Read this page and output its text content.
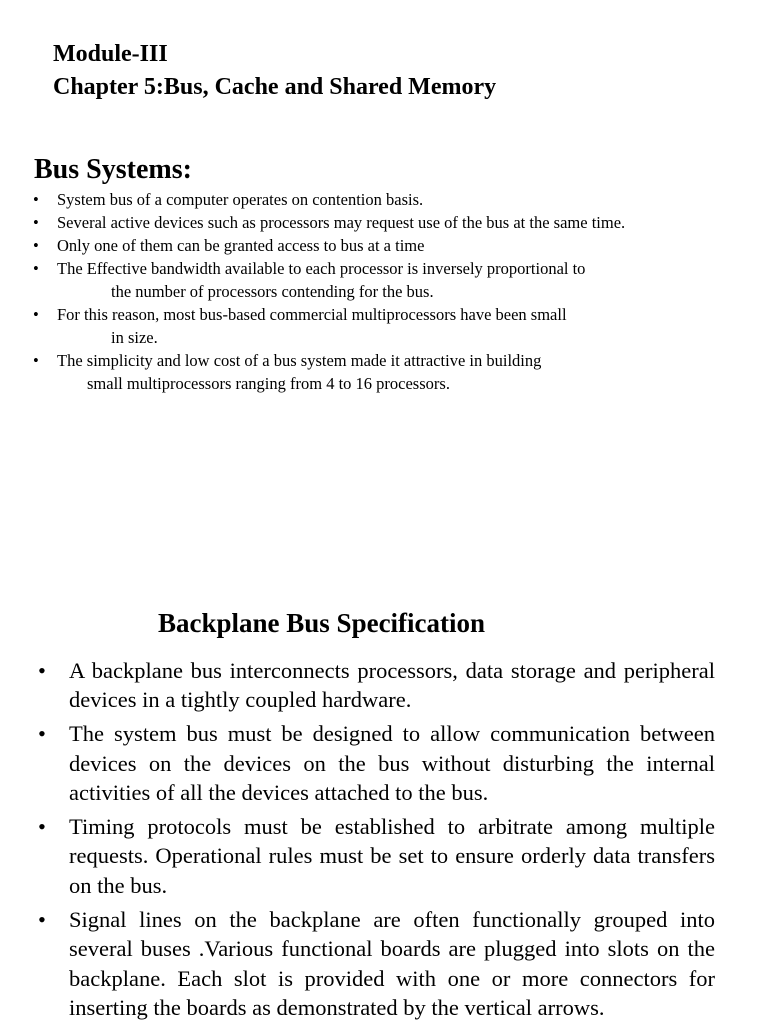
Module-III
Chapter 5:Bus, Cache and Shared Memory
Bus Systems:
• System bus of a computer operates on contention basis.
• Several active devices such as processors may request use of the bus at the same time.
• Only one of them can be granted access to bus at a time
• The Effective bandwidth available to each processor is inversely proportional to
the number of processors contending for the bus.
• For this reason, most bus-based commercial multiprocessors have been small
in size.
• The simplicity and low cost of a bus system made it attractive in building
small multiprocessors ranging from 4 to 16 processors.
Backplane Bus Specification
• A backplane bus interconnects processors, data storage and peripheral devices in a tightly coupled hardware.
• The system bus must be designed to allow communication between devices on the devices on the bus without disturbing the internal activities of all the devices attached to the bus.
• Timing protocols must be established to arbitrate among multiple requests. Operational rules must be set to ensure orderly data transfers on the bus.
• Signal lines on the backplane are often functionally grouped into several buses .Various functional boards are plugged into slots on the backplane. Each slot is provided with one or more connectors for inserting the boards as demonstrated by the vertical arrows.
